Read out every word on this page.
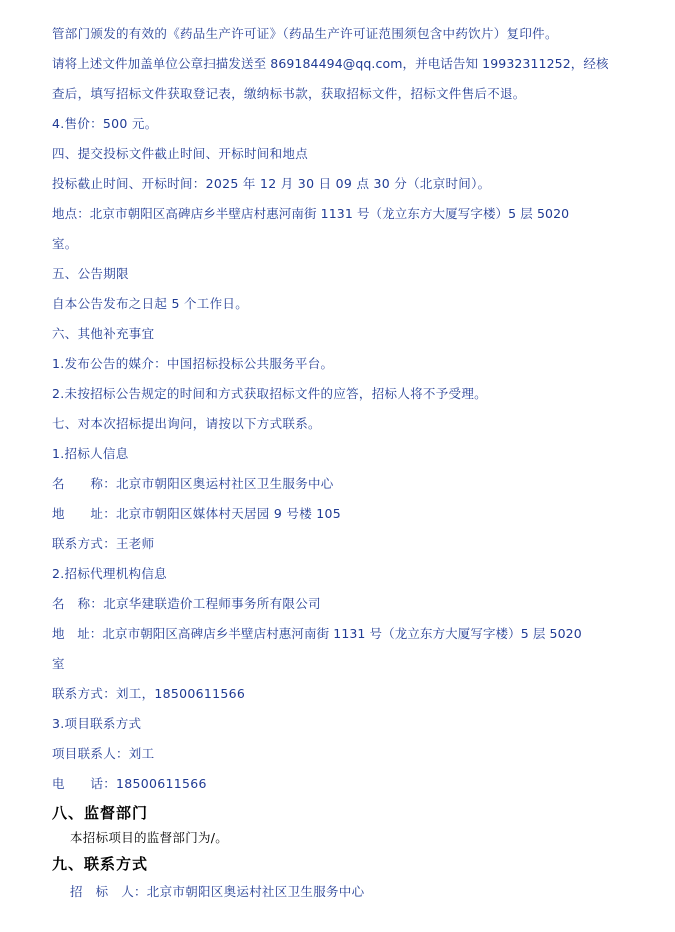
管部门颁发的有效的《药品生产许可证》（药品生产许可证范围须包含中药饮片）复印件。
请将上述文件加盖单位公章扫描发送至 869184494@qq.com，并电话告知 19932311252，经核
查后，填写招标文件获取登记表，缴纳标书款，获取招标文件，招标文件售后不退。
4.售价：500 元。
四、提交投标文件截止时间、开标时间和地点
投标截止时间、开标时间：2025 年 12 月 30 日 09 点 30 分（北京时间）。
地点：北京市朝阳区高碑店乡半壁店村惠河南街 1131 号（龙立东方大厦写字楼）5 层 5020
室。
五、公告期限
自本公告发布之日起 5 个工作日。
六、其他补充事宜
1.发布公告的媒介：中国招标投标公共服务平台。
2.未按招标公告规定的时间和方式获取招标文件的应答，招标人将不予受理。
七、对本次招标提出询问，请按以下方式联系。
1.招标人信息
名　　称：北京市朝阳区奥运村社区卫生服务中心
地　　址：北京市朝阳区媒体村天居园 9 号楼 105
联系方式：王老师
2.招标代理机构信息
名　称：北京华建联造价工程师事务所有限公司
地　址：北京市朝阳区高碑店乡半壁店村惠河南街 1131 号（龙立东方大厦写字楼）5 层 5020
室
联系方式：刘工，18500611566
3.项目联系方式
项目联系人：刘工
电　　话：18500611566
八、监督部门
本招标项目的监督部门为/。
九、联系方式
招　标　人：北京市朝阳区奥运村社区卫生服务中心
